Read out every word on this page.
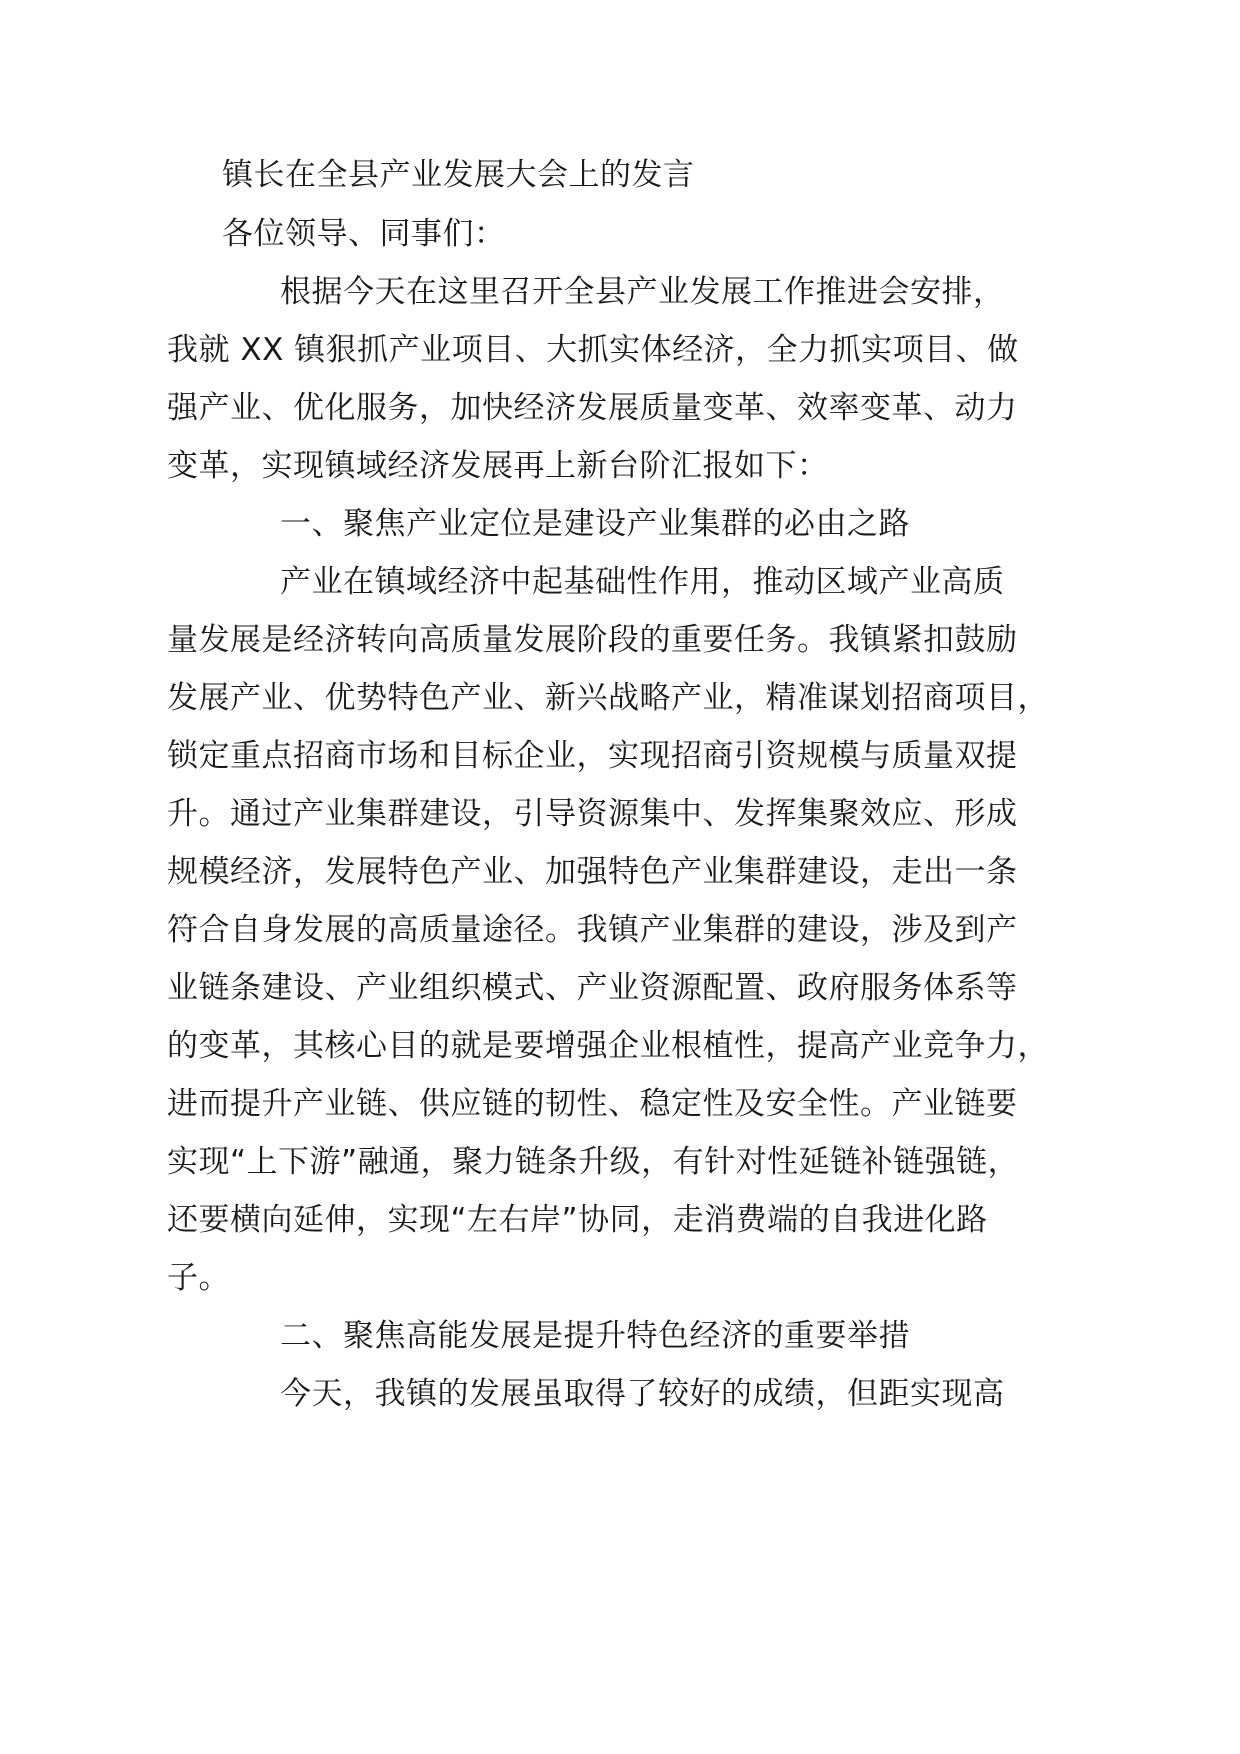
镇长在全县产业发展大会上的发言
各位领导、同事们：
根据今天在这里召开全县产业发展工作推进会安排，
我就 XX 镇狠抓产业项目、大抓实体经济，全力抓实项目、做
强产业、优化服务，加快经济发展质量变革、效率变革、动力
变革，实现镇域经济发展再上新台阶汇报如下：
一、聚焦产业定位是建设产业集群的必由之路
产业在镇域经济中起基础性作用，推动区域产业高质
量发展是经济转向高质量发展阶段的重要任务。我镇紧扣鼓励
发展产业、优势特色产业、新兴战略产业，精准谋划招商项目，
锁定重点招商市场和目标企业，实现招商引资规模与质量双提
升。通过产业集群建设，引导资源集中、发挥集聚效应、形成
规模经济，发展特色产业、加强特色产业集群建设，走出一条
符合自身发展的高质量途径。我镇产业集群的建设，涉及到产
业链条建设、产业组织模式、产业资源配置、政府服务体系等
的变革，其核心目的就是要增强企业根植性，提高产业竞争力，
进而提升产业链、供应链的韧性、稳定性及安全性。产业链要
实现“上下游”融通，聚力链条升级，有针对性延链补链强链，
还要横向延伸，实现“左右岸”协同，走消费端的自我进化路
子。
二、聚焦高能发展是提升特色经济的重要举措
今天，我镇的发展虽取得了较好的成绩，但距实现高
